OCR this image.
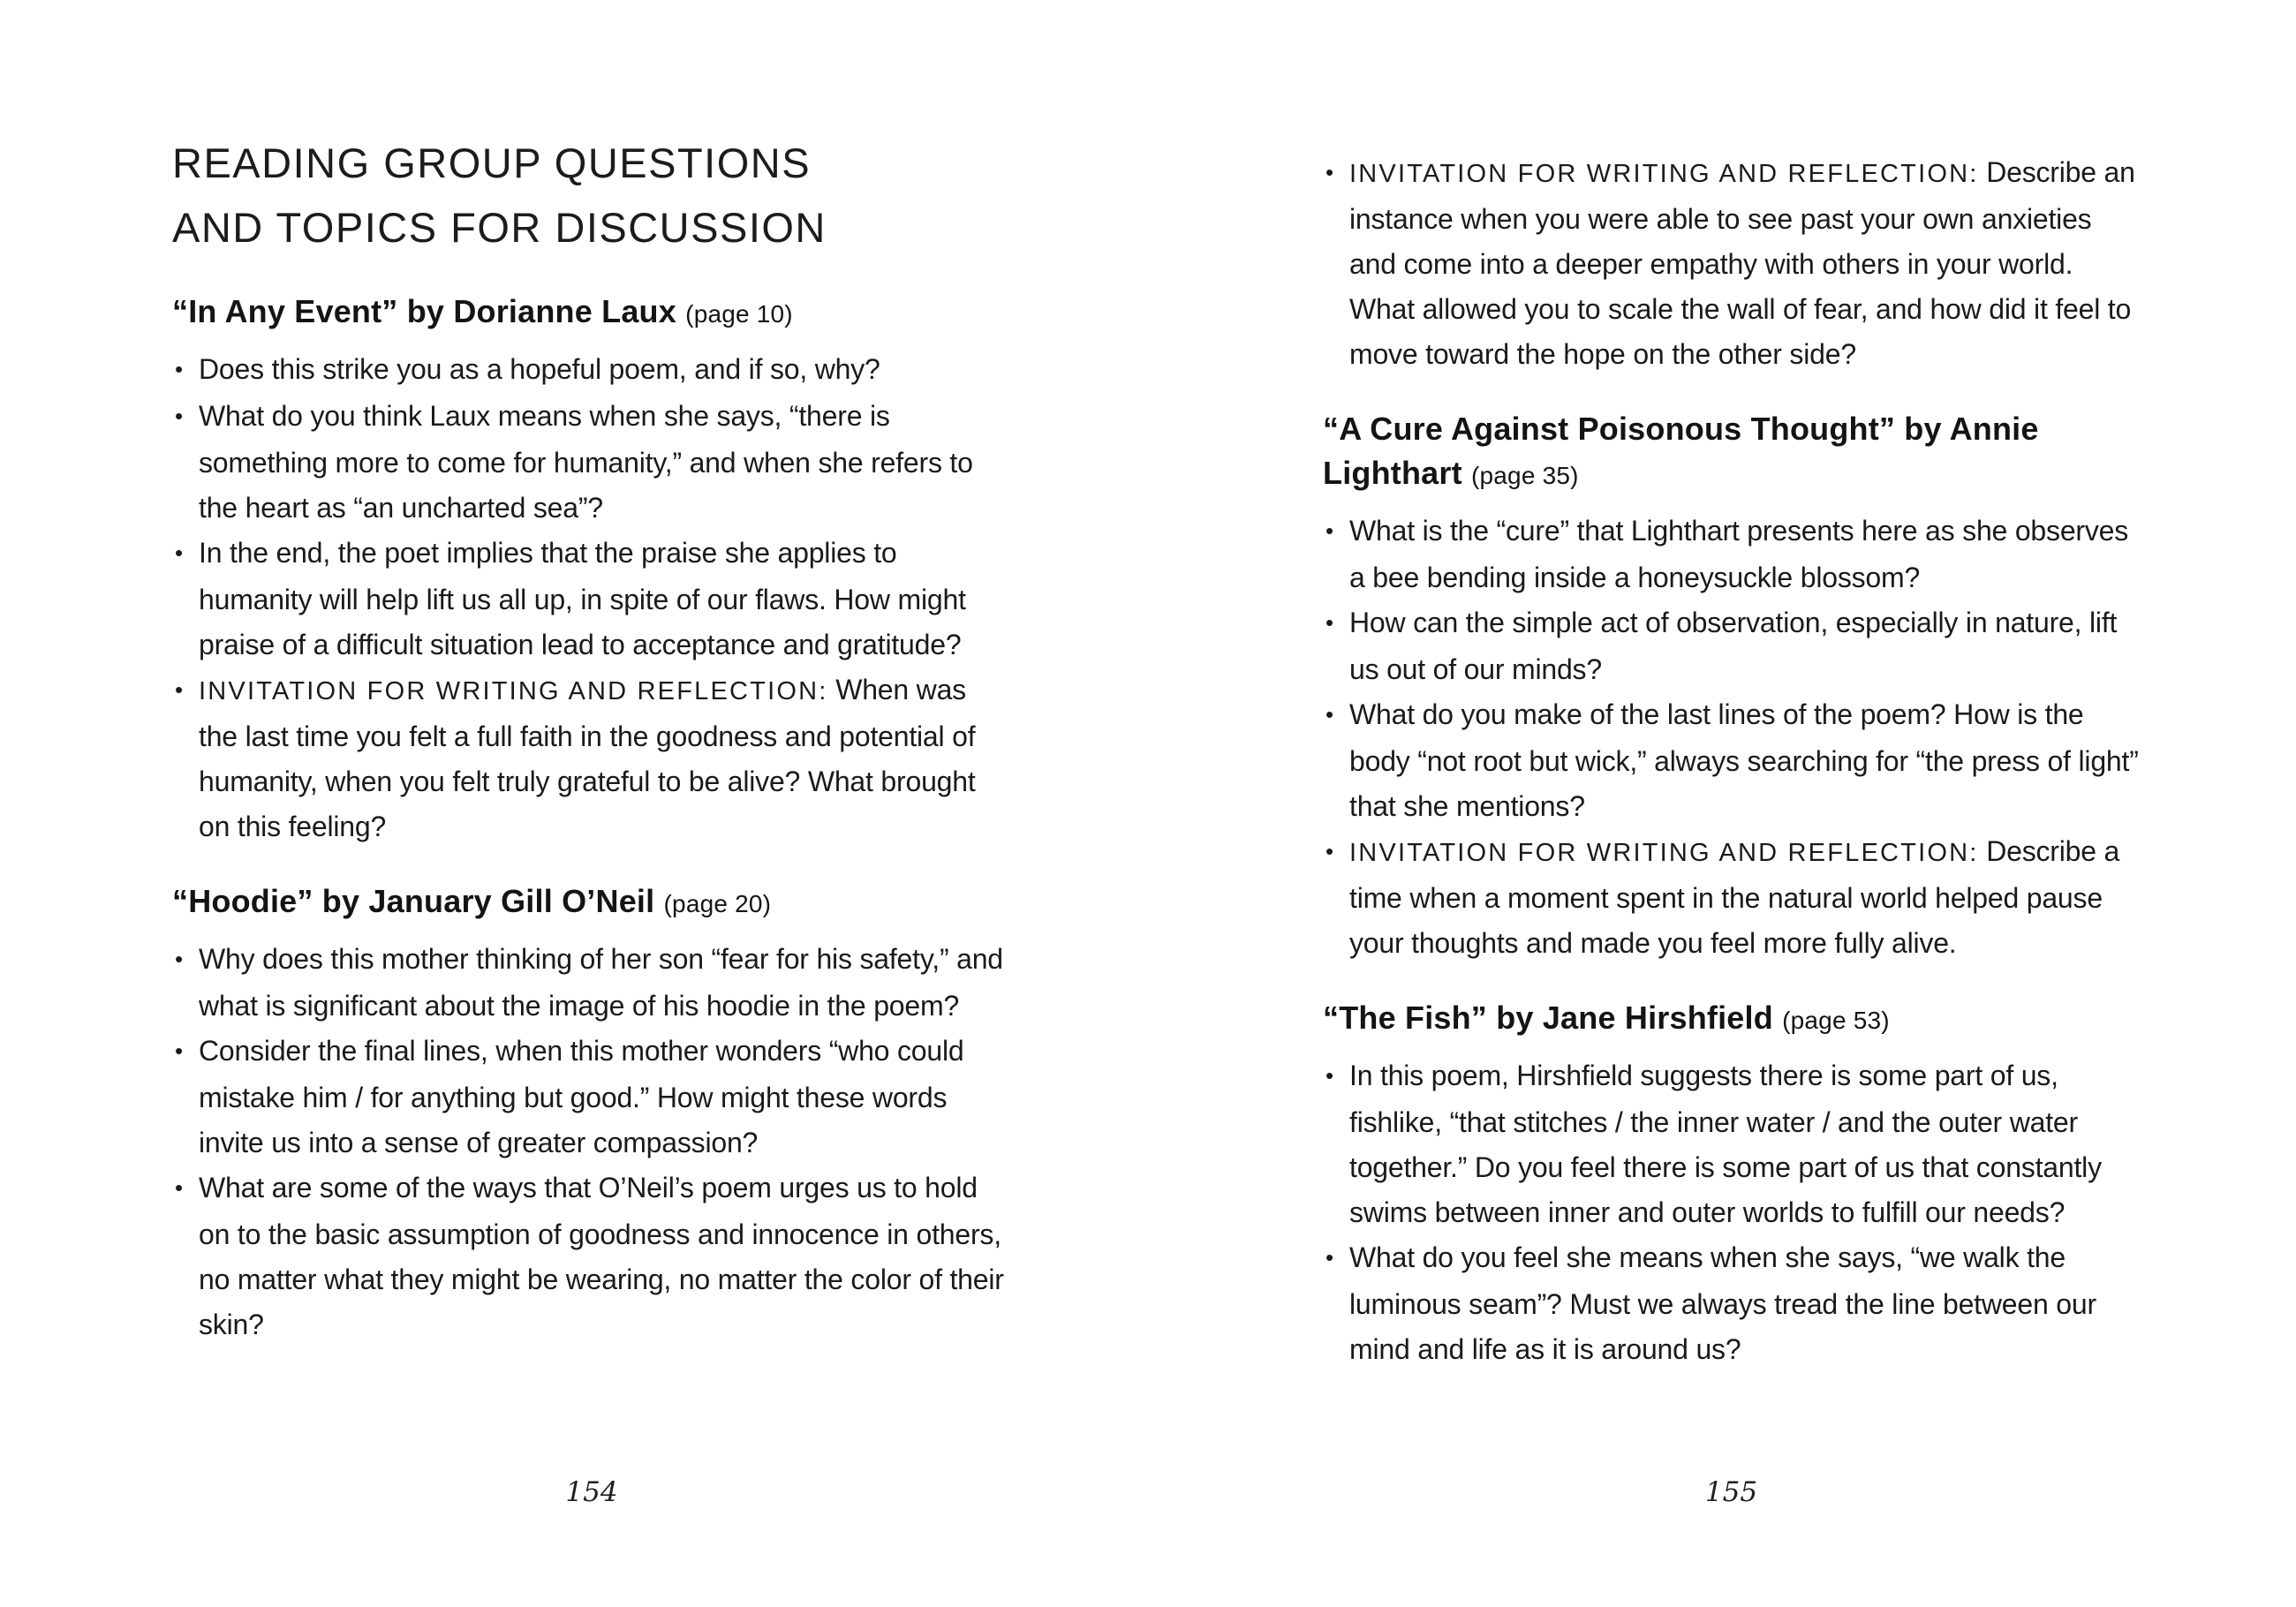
READING GROUP QUESTIONS
AND TOPICS FOR DISCUSSION
“In Any Event” by Dorianne Laux (page 10)
• Does this strike you as a hopeful poem, and if so, why?
• What do you think Laux means when she says, “there is something more to come for humanity,” and when she refers to the heart as “an uncharted sea”?
• In the end, the poet implies that the praise she applies to humanity will help lift us all up, in spite of our flaws. How might praise of a difficult situation lead to acceptance and gratitude?
• INVITATION FOR WRITING AND REFLECTION: When was the last time you felt a full faith in the goodness and potential of humanity, when you felt truly grateful to be alive? What brought on this feeling?
“Hoodie” by January Gill O’Neil (page 20)
• Why does this mother thinking of her son “fear for his safety,” and what is significant about the image of his hoodie in the poem?
• Consider the final lines, when this mother wonders “who could mistake him / for anything but good.” How might these words invite us into a sense of greater compassion?
• What are some of the ways that O’Neil’s poem urges us to hold on to the basic assumption of goodness and innocence in others, no matter what they might be wearing, no matter the color of their skin?
154
• INVITATION FOR WRITING AND REFLECTION: Describe an instance when you were able to see past your own anxieties and come into a deeper empathy with others in your world. What allowed you to scale the wall of fear, and how did it feel to move toward the hope on the other side?
“A Cure Against Poisonous Thought” by Annie Lighthart (page 35)
• What is the “cure” that Lighthart presents here as she observes a bee bending inside a honeysuckle blossom?
• How can the simple act of observation, especially in nature, lift us out of our minds?
• What do you make of the last lines of the poem? How is the body “not root but wick,” always searching for “the press of light” that she mentions?
• INVITATION FOR WRITING AND REFLECTION: Describe a time when a moment spent in the natural world helped pause your thoughts and made you feel more fully alive.
“The Fish” by Jane Hirshfield (page 53)
• In this poem, Hirshfield suggests there is some part of us, fishlike, “that stitches / the inner water / and the outer water together.” Do you feel there is some part of us that constantly swims between inner and outer worlds to fulfill our needs?
• What do you feel she means when she says, “we walk the luminous seam”? Must we always tread the line between our mind and life as it is around us?
155
